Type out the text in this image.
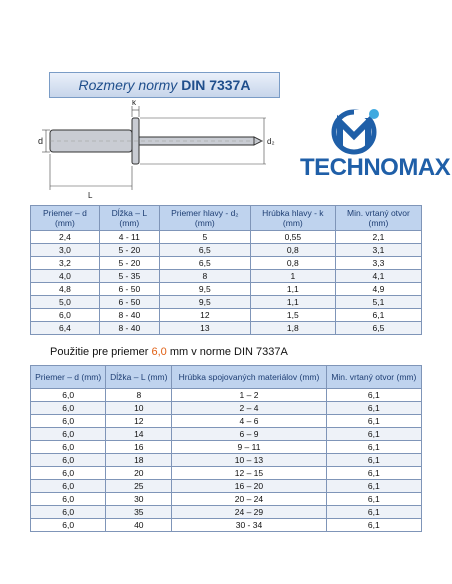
Rozmery normy DIN 7337A
d
k
d₂
L
TECHNOMAX
Priemer – d (mm)	Dĺžka – L (mm)	Priemer hlavy - d₂ (mm)	Hrúbka hlavy - k (mm)	Min. vrtaný otvor (mm)
2,4	4 - 11	5	0,55	2,1
3,0	5 - 20	6,5	0,8	3,1
3,2	5 - 20	6,5	0,8	3,3
4,0	5 - 35	8	1	4,1
4,8	6 - 50	9,5	1,1	4,9
5,0	6 - 50	9,5	1,1	5,1
6,0	8 - 40	12	1,5	6,1
6,4	8 - 40	13	1,8	6,5
Použitie pre priemer 6,0 mm v norme DIN 7337A
Priemer – d (mm)	Dĺžka – L (mm)	Hrúbka spojovaných materiálov (mm)	Min. vrtaný otvor (mm)
6,0	8	1 – 2	6,1
6,0	10	2 – 4	6,1
6,0	12	4 – 6	6,1
6,0	14	6 – 9	6,1
6,0	16	9 – 11	6,1
6,0	18	10 – 13	6,1
6,0	20	12 – 15	6,1
6,0	25	16 – 20	6,1
6,0	30	20 – 24	6,1
6,0	35	24 – 29	6,1
6,0	40	30 - 34	6,1
